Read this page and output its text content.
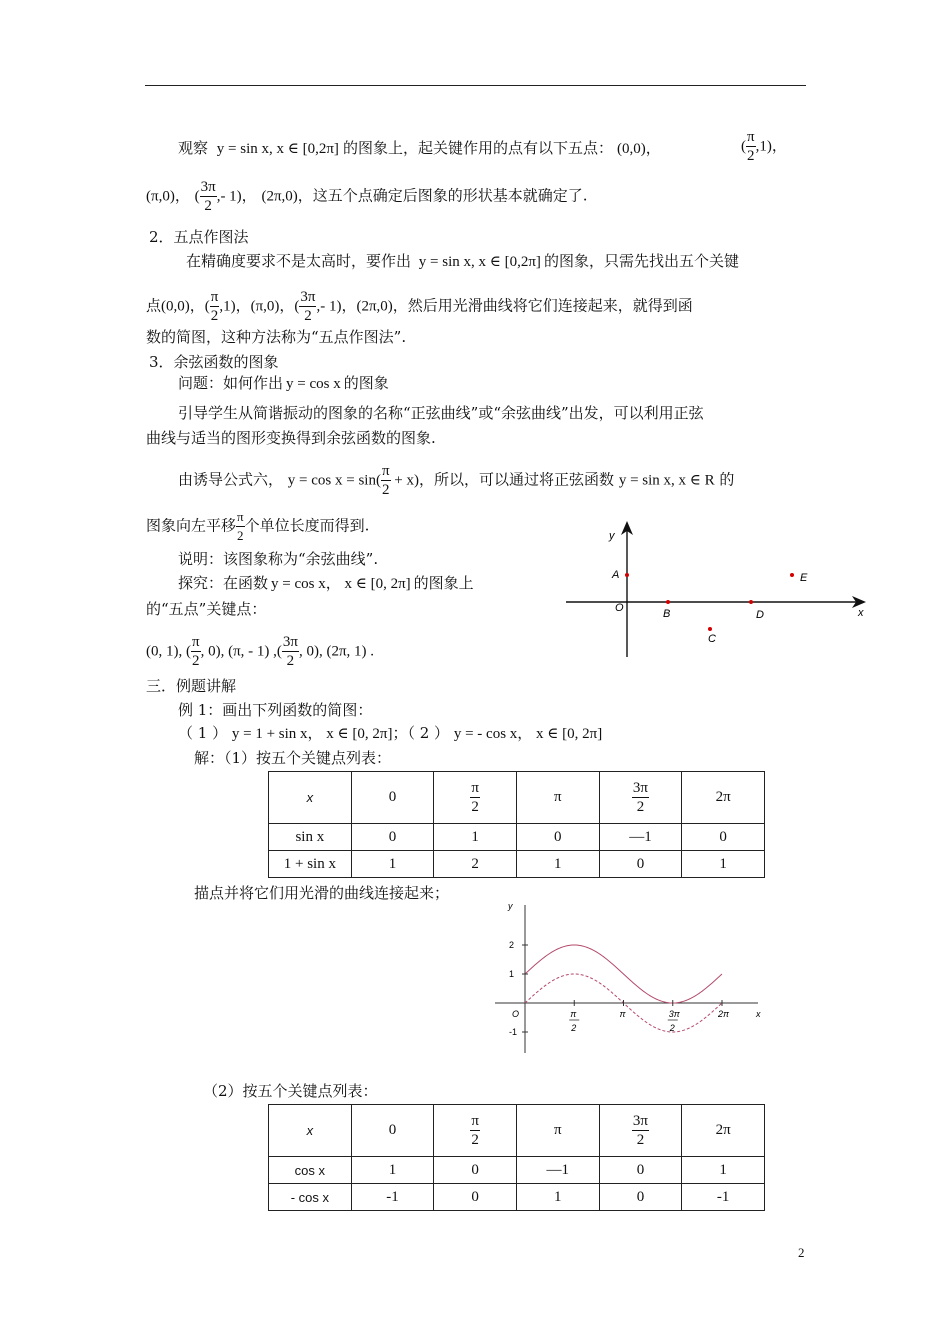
观察 y = sin x, x ∈ [0,2π] 的图象上，起关键作用的点有以下五点： (0,0)，	( $\frac{\pi}{2} ,1$)，
(π,0)， ( $\frac{3\pi}{2}$ ,- 1)， (2π,0)，这五个点确定后图象的形状基本就确定了.
2．五点作图法
在精确度要求不是太高时，要作出 y = sin x, x ∈ [0,2π] 的图象，只需先找出五个关键
点(0,0)，( $\frac{\pi}{2} ,1$)，(π,0)，( $\frac{3\pi}{2}$ ,- 1)，(2π,0)，然后用光滑曲线将它们连接起来，就得到函
数的简图，这种方法称为“五点作图法”.
3．余弦函数的图象
问题：如何作出 y = cos x 的图象
引导学生从简谐振动的图象的名称“正弦曲线”或“余弦曲线”出发，可以利用正弦
曲线与适当的图形变换得到余弦函数的图象.
由诱导公式六， $y = \cos x = \sin( \frac{\pi}{2} + x)$，所以，可以通过将正弦函数 y = sin x, x ∈ R 的
图象向左平移 $\frac{\pi}{2}$ 个单位长度而得到.
说明：该图象称为“余弦曲线”.
探究：在函数 y = cos x， x ∈ [0, 2π] 的图象上
的“五点”关键点：
(0, 1), ( $\frac{\pi}{2}$ , 0), (π, - 1) ,( $\frac{3\pi}{2}$ , 0), (2π, 1) .
y
x
A
O	B
C
D
E
三．例题讲解
例 1：画出下列函数的简图：
（ 1 ） y = 1 + sin x， x ∈ [0, 2π]；（ 2 ） y = - cos x， x ∈ [0, 2π]
解：（1）按五个关键点列表：
x	0	$\frac{\pi}{2}$	π	$\frac{3\pi}{2}$	2π
sin x	0	1	0	—1	0
1 + sin x	1	2	1	0	1
描点并将它们用光滑的曲线连接起来；
y
x
O	π
2
π	3π
2
2π
2
1
-1
（2）按五个关键点列表：
x	0	$\frac{\pi}{2}$	π	$\frac{3\pi}{2}$	2π
cos x	1	0	—1	0	1
- cos x	-1	0	1	0	-1
2
